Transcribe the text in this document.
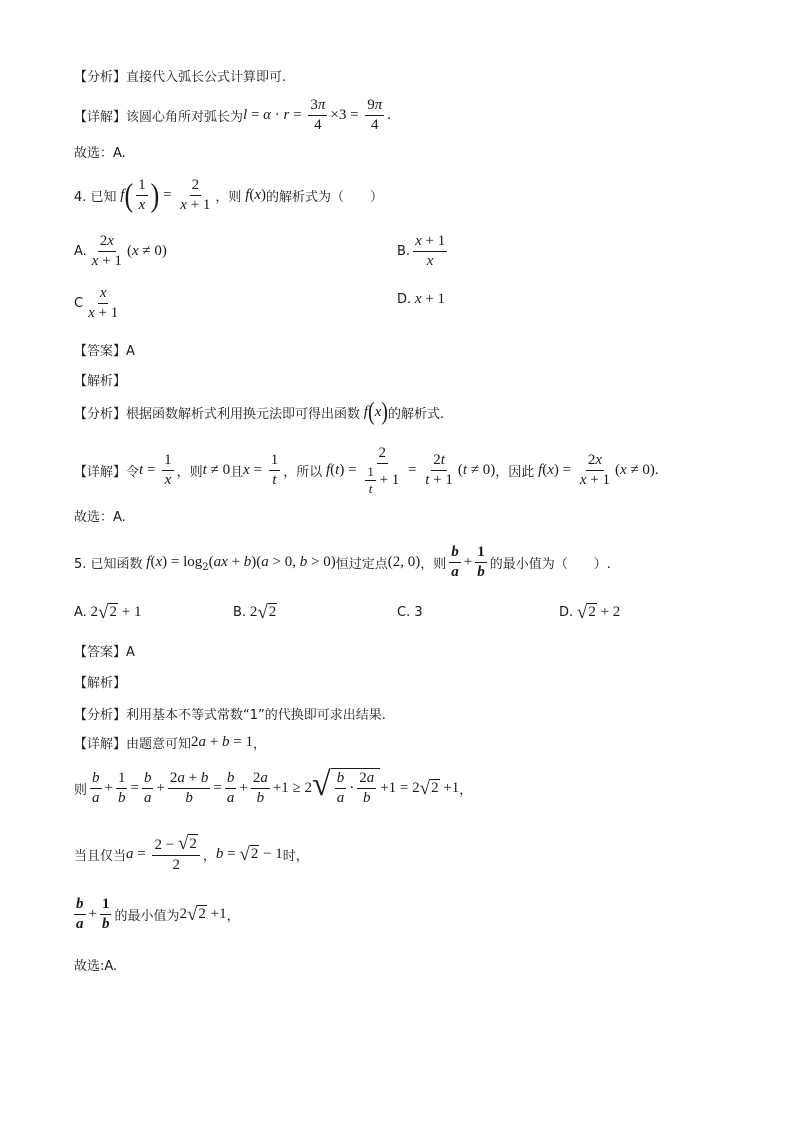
【分析】直接代入弧长公式计算即可.
【详解】该圆心角所对弧长为 $l = \alpha \cdot r = \frac{3\pi}{4} \times 3 = \frac{9\pi}{4}$ .
故选：A.
4. 已知 f ( $\frac{1}{x}$ ) = $\frac{2}{x + 1}$ ，则 f ( x ) 的解析式为（　　）
A. $\frac{2x}{x + 1}$ ( x ≠ 0)	B. $\frac{x + 1}{x}$
C $\frac{x}{x + 1}$	D. x + 1
【答案】A
【解析】
【分析】根据函数解析式利用换元法即可得出函数 f ( x ) 的解析式.
【详解】令 $t = \frac{1}{x}$ ，则 t ≠ 0 且 $x = \frac{1}{t}$ ，所以 f $(t) = \frac{2}{\frac{1}{t} + 1} = \frac{2t}{t + 1} (t \ne 0)$ ，因此 f $(x) = \frac{2x}{x + 1} (x \ne 0)$.
故选：A.
5. 已知函数 f (x) = log 2 (ax + b)(a > 0, b > 0) 恒过定点 (2, 0) ，则 $\frac{b}{a} + \frac{1}{b}$ 的最小值为（　　）.
A. 2 √ 2 + 1	B. 2 √ 2	C. 3	D.
√ 2 + 2
【答案】A
【解析】
【分析】利用基本不等式常数“1”的代换即可求出结果.
【详解】由题意可知 2a + b = 1 ，
则 $\frac{b}{a} + \frac{1}{b} = \frac{b}{a} + \frac{2a + b}{b} = \frac{b}{a} + \frac{2a}{b} +1 \ge 2$ √ $\frac{b}{a} \cdot \frac{2a}{b} +1 = 2$ √ 2 +1 ，
当且仅当 $a = \frac{2 - √ 2}{2}$ ， b = √ 2 − 1 时，
$\frac{b}{a} + \frac{1}{b}$ 的最小值为 2 √ 2 +1 ，
故选:A.
